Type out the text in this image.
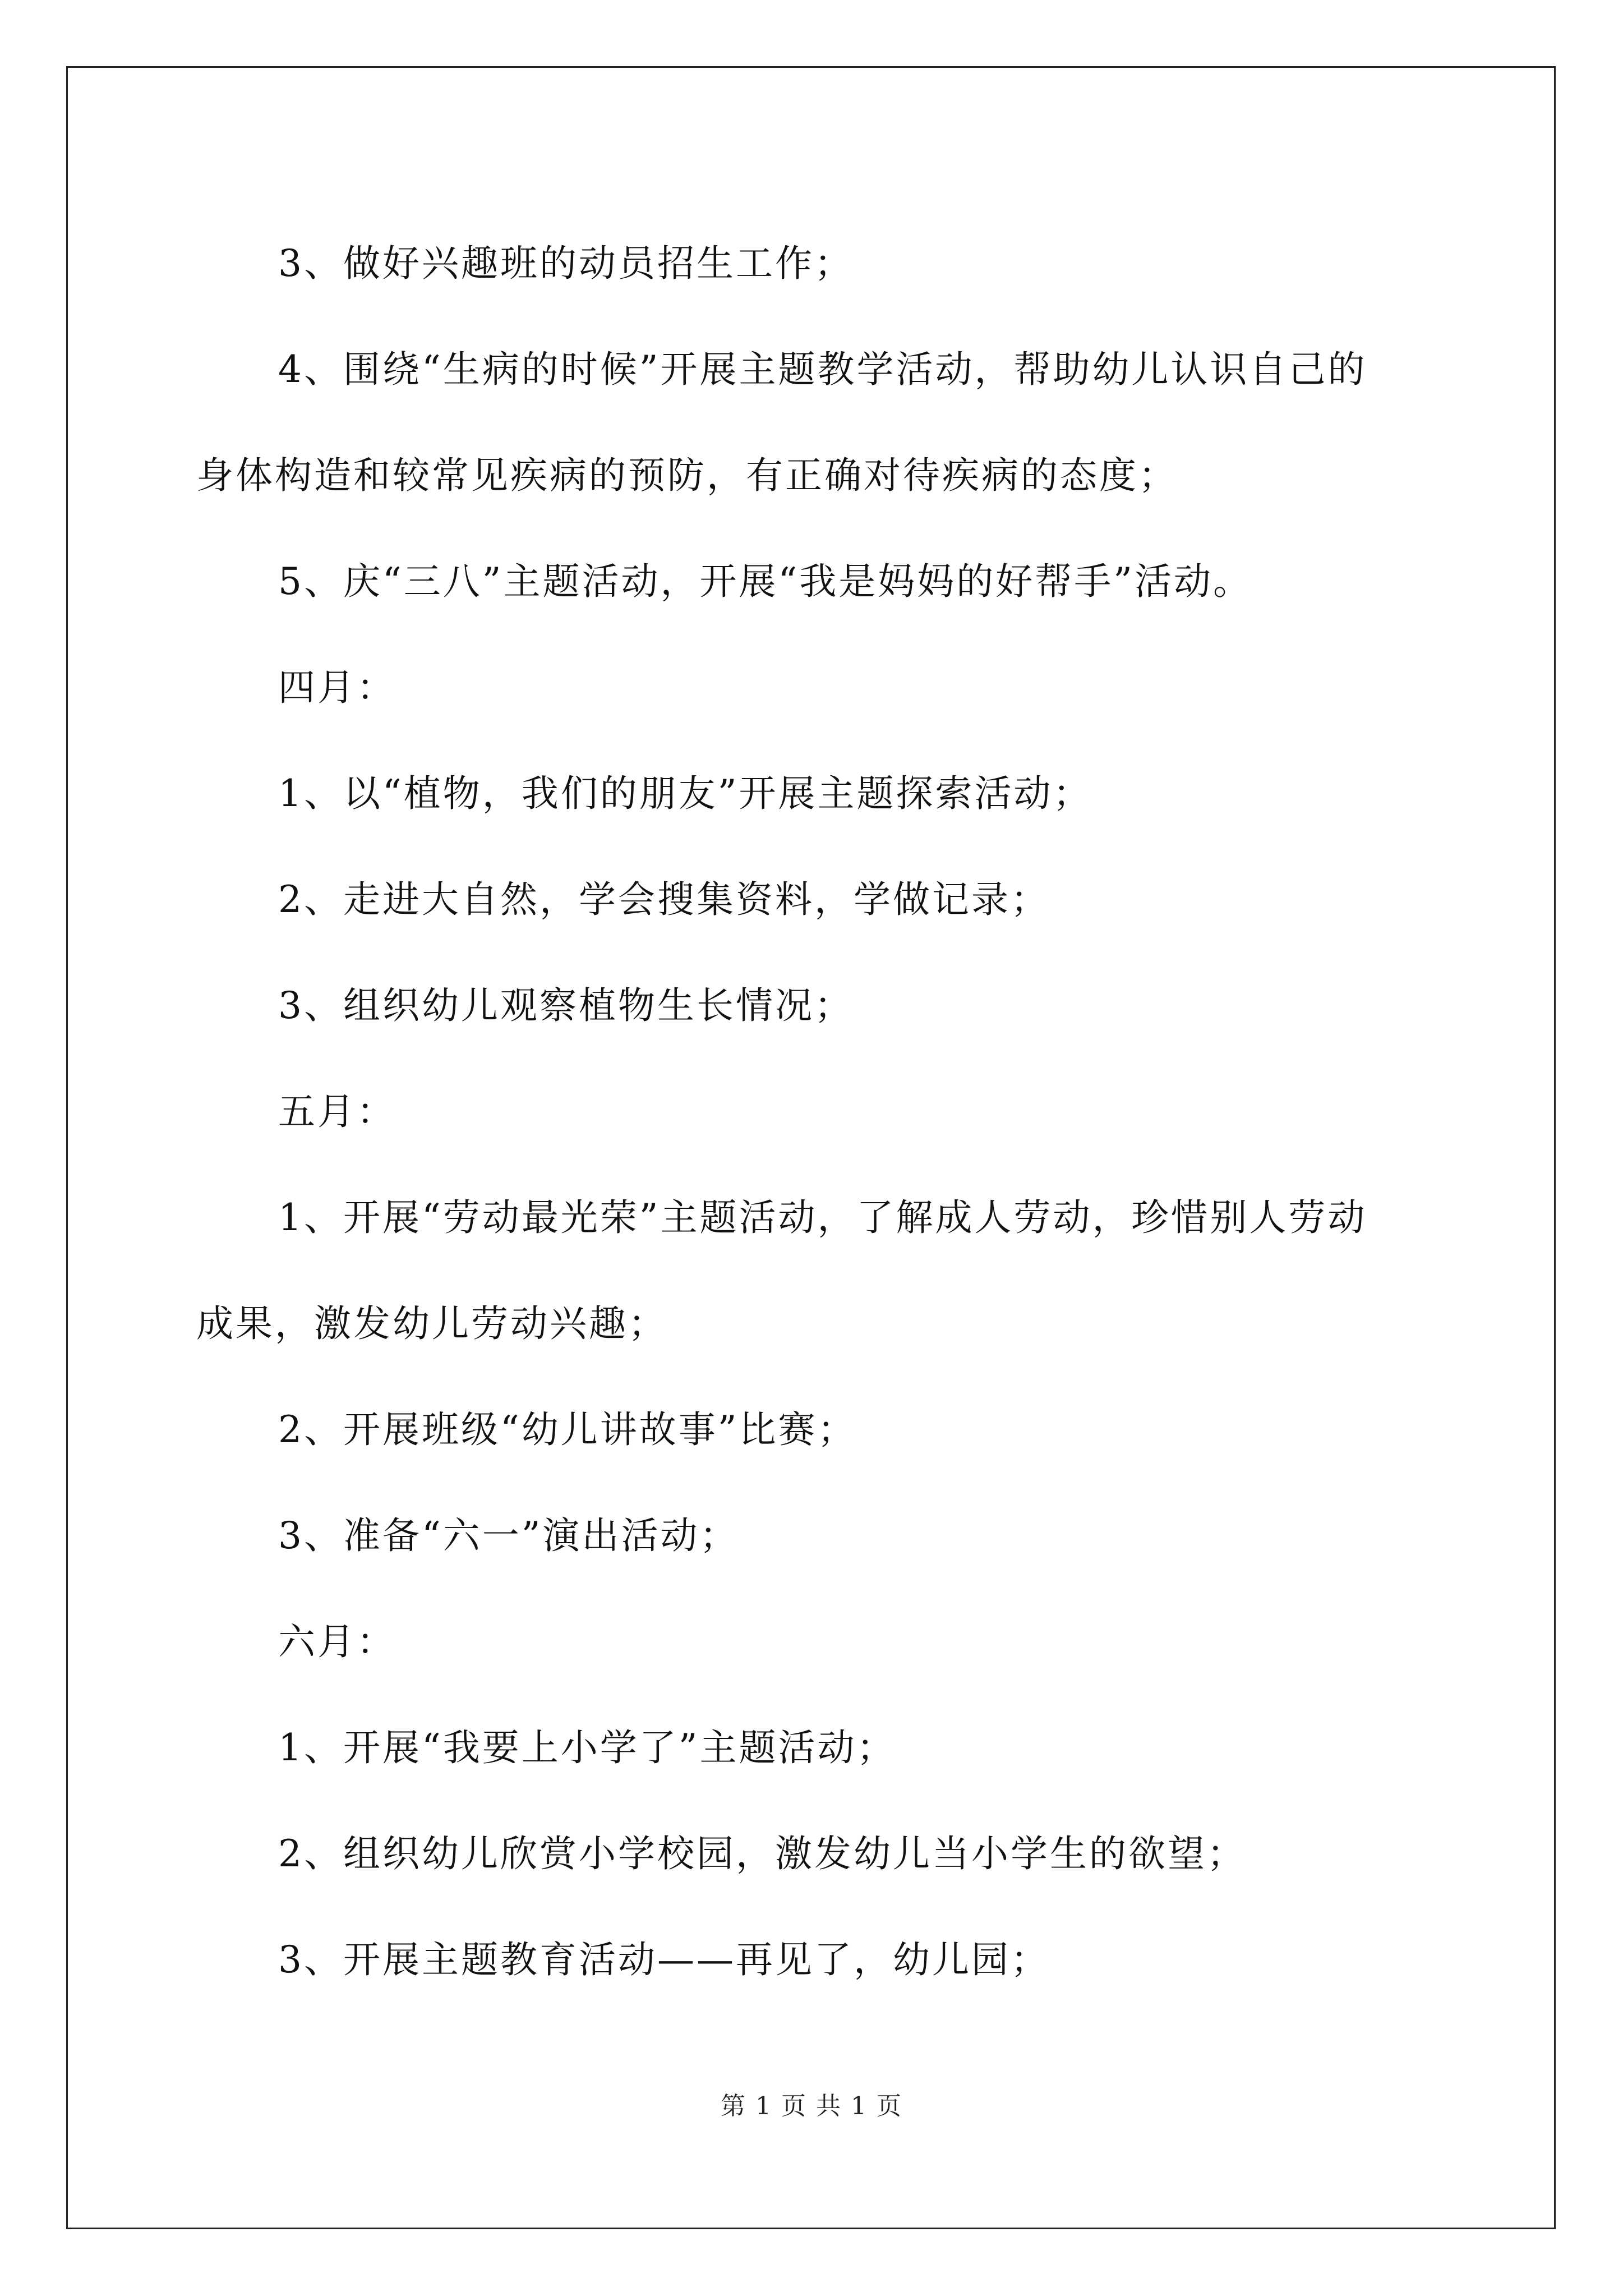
3、做好兴趣班的动员招生工作；

4、围绕“生病的时候”开展主题教学活动，帮助幼儿认识自己的

身体构造和较常见疾病的预防，有正确对待疾病的态度；

5、庆“三八”主题活动，开展“我是妈妈的好帮手”活动。

四月：

1、以“植物，我们的朋友”开展主题探索活动；

2、走进大自然，学会搜集资料，学做记录；

3、组织幼儿观察植物生长情况；

五月：

1、开展“劳动最光荣”主题活动，了解成人劳动，珍惜别人劳动

成果，激发幼儿劳动兴趣；

2、开展班级“幼儿讲故事”比赛；

3、准备“六一”演出活动；

六月：

1、开展“我要上小学了”主题活动；

2、组织幼儿欣赏小学校园，激发幼儿当小学生的欲望；

3、开展主题教育活动——再见了，幼儿园；

第 1 页 共 1 页
